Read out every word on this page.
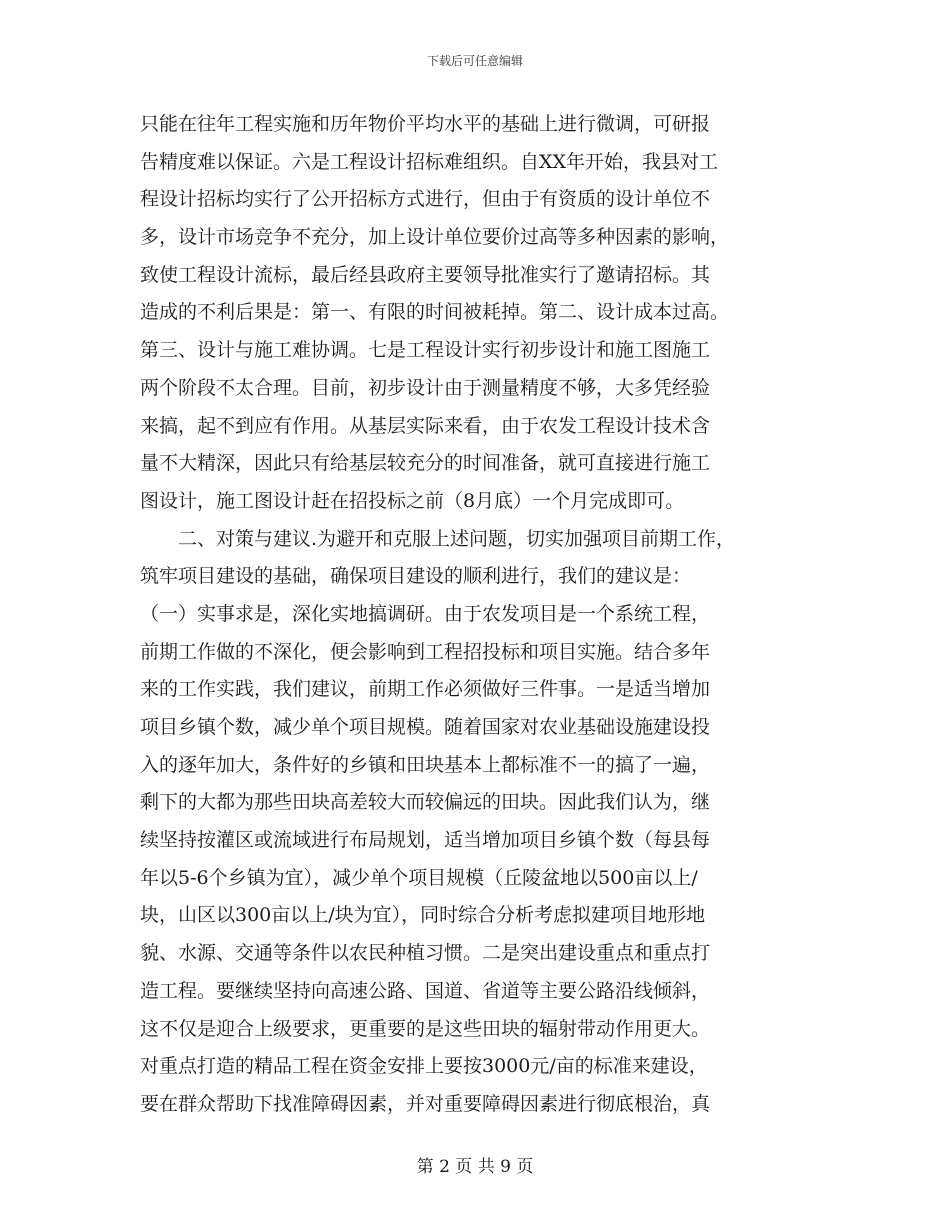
下载后可任意编辑
只能在往年工程实施和历年物价平均水平的基础上进行微调，可研报
告精度难以保证。六是工程设计招标难组织。自XX年开始，我县对工
程设计招标均实行了公开招标方式进行，但由于有资质的设计单位不
多，设计市场竞争不充分，加上设计单位要价过高等多种因素的影响，
致使工程设计流标，最后经县政府主要领导批准实行了邀请招标。其
造成的不利后果是：第一、有限的时间被耗掉。第二、设计成本过高。
第三、设计与施工难协调。七是工程设计实行初步设计和施工图施工
两个阶段不太合理。目前，初步设计由于测量精度不够，大多凭经验
来搞，起不到应有作用。从基层实际来看，由于农发工程设计技术含
量不大精深，因此只有给基层较充分的时间准备，就可直接进行施工
图设计，施工图设计赶在招投标之前（8月底）一个月完成即可。
　　二、对策与建议.为避开和克服上述问题，切实加强项目前期工作，
筑牢项目建设的基础，确保项目建设的顺利进行，我们的建议是：
（一）实事求是，深化实地搞调研。由于农发项目是一个系统工程，
前期工作做的不深化，便会影响到工程招投标和项目实施。结合多年
来的工作实践，我们建议，前期工作必须做好三件事。一是适当增加
项目乡镇个数，减少单个项目规模。随着国家对农业基础设施建设投
入的逐年加大，条件好的乡镇和田块基本上都标准不一的搞了一遍，
剩下的大都为那些田块高差较大而较偏远的田块。因此我们认为，继
续坚持按灌区或流域进行布局规划，适当增加项目乡镇个数（每县每
年以5-6个乡镇为宜），减少单个项目规模（丘陵盆地以500亩以上/
块，山区以300亩以上/块为宜），同时综合分析考虑拟建项目地形地
貌、水源、交通等条件以农民种植习惯。二是突出建设重点和重点打
造工程。要继续坚持向高速公路、国道、省道等主要公路沿线倾斜，
这不仅是迎合上级要求，更重要的是这些田块的辐射带动作用更大。
对重点打造的精品工程在资金安排上要按3000元/亩的标准来建设，
要在群众帮助下找准障碍因素，并对重要障碍因素进行彻底根治，真
第 2 页 共 9 页
